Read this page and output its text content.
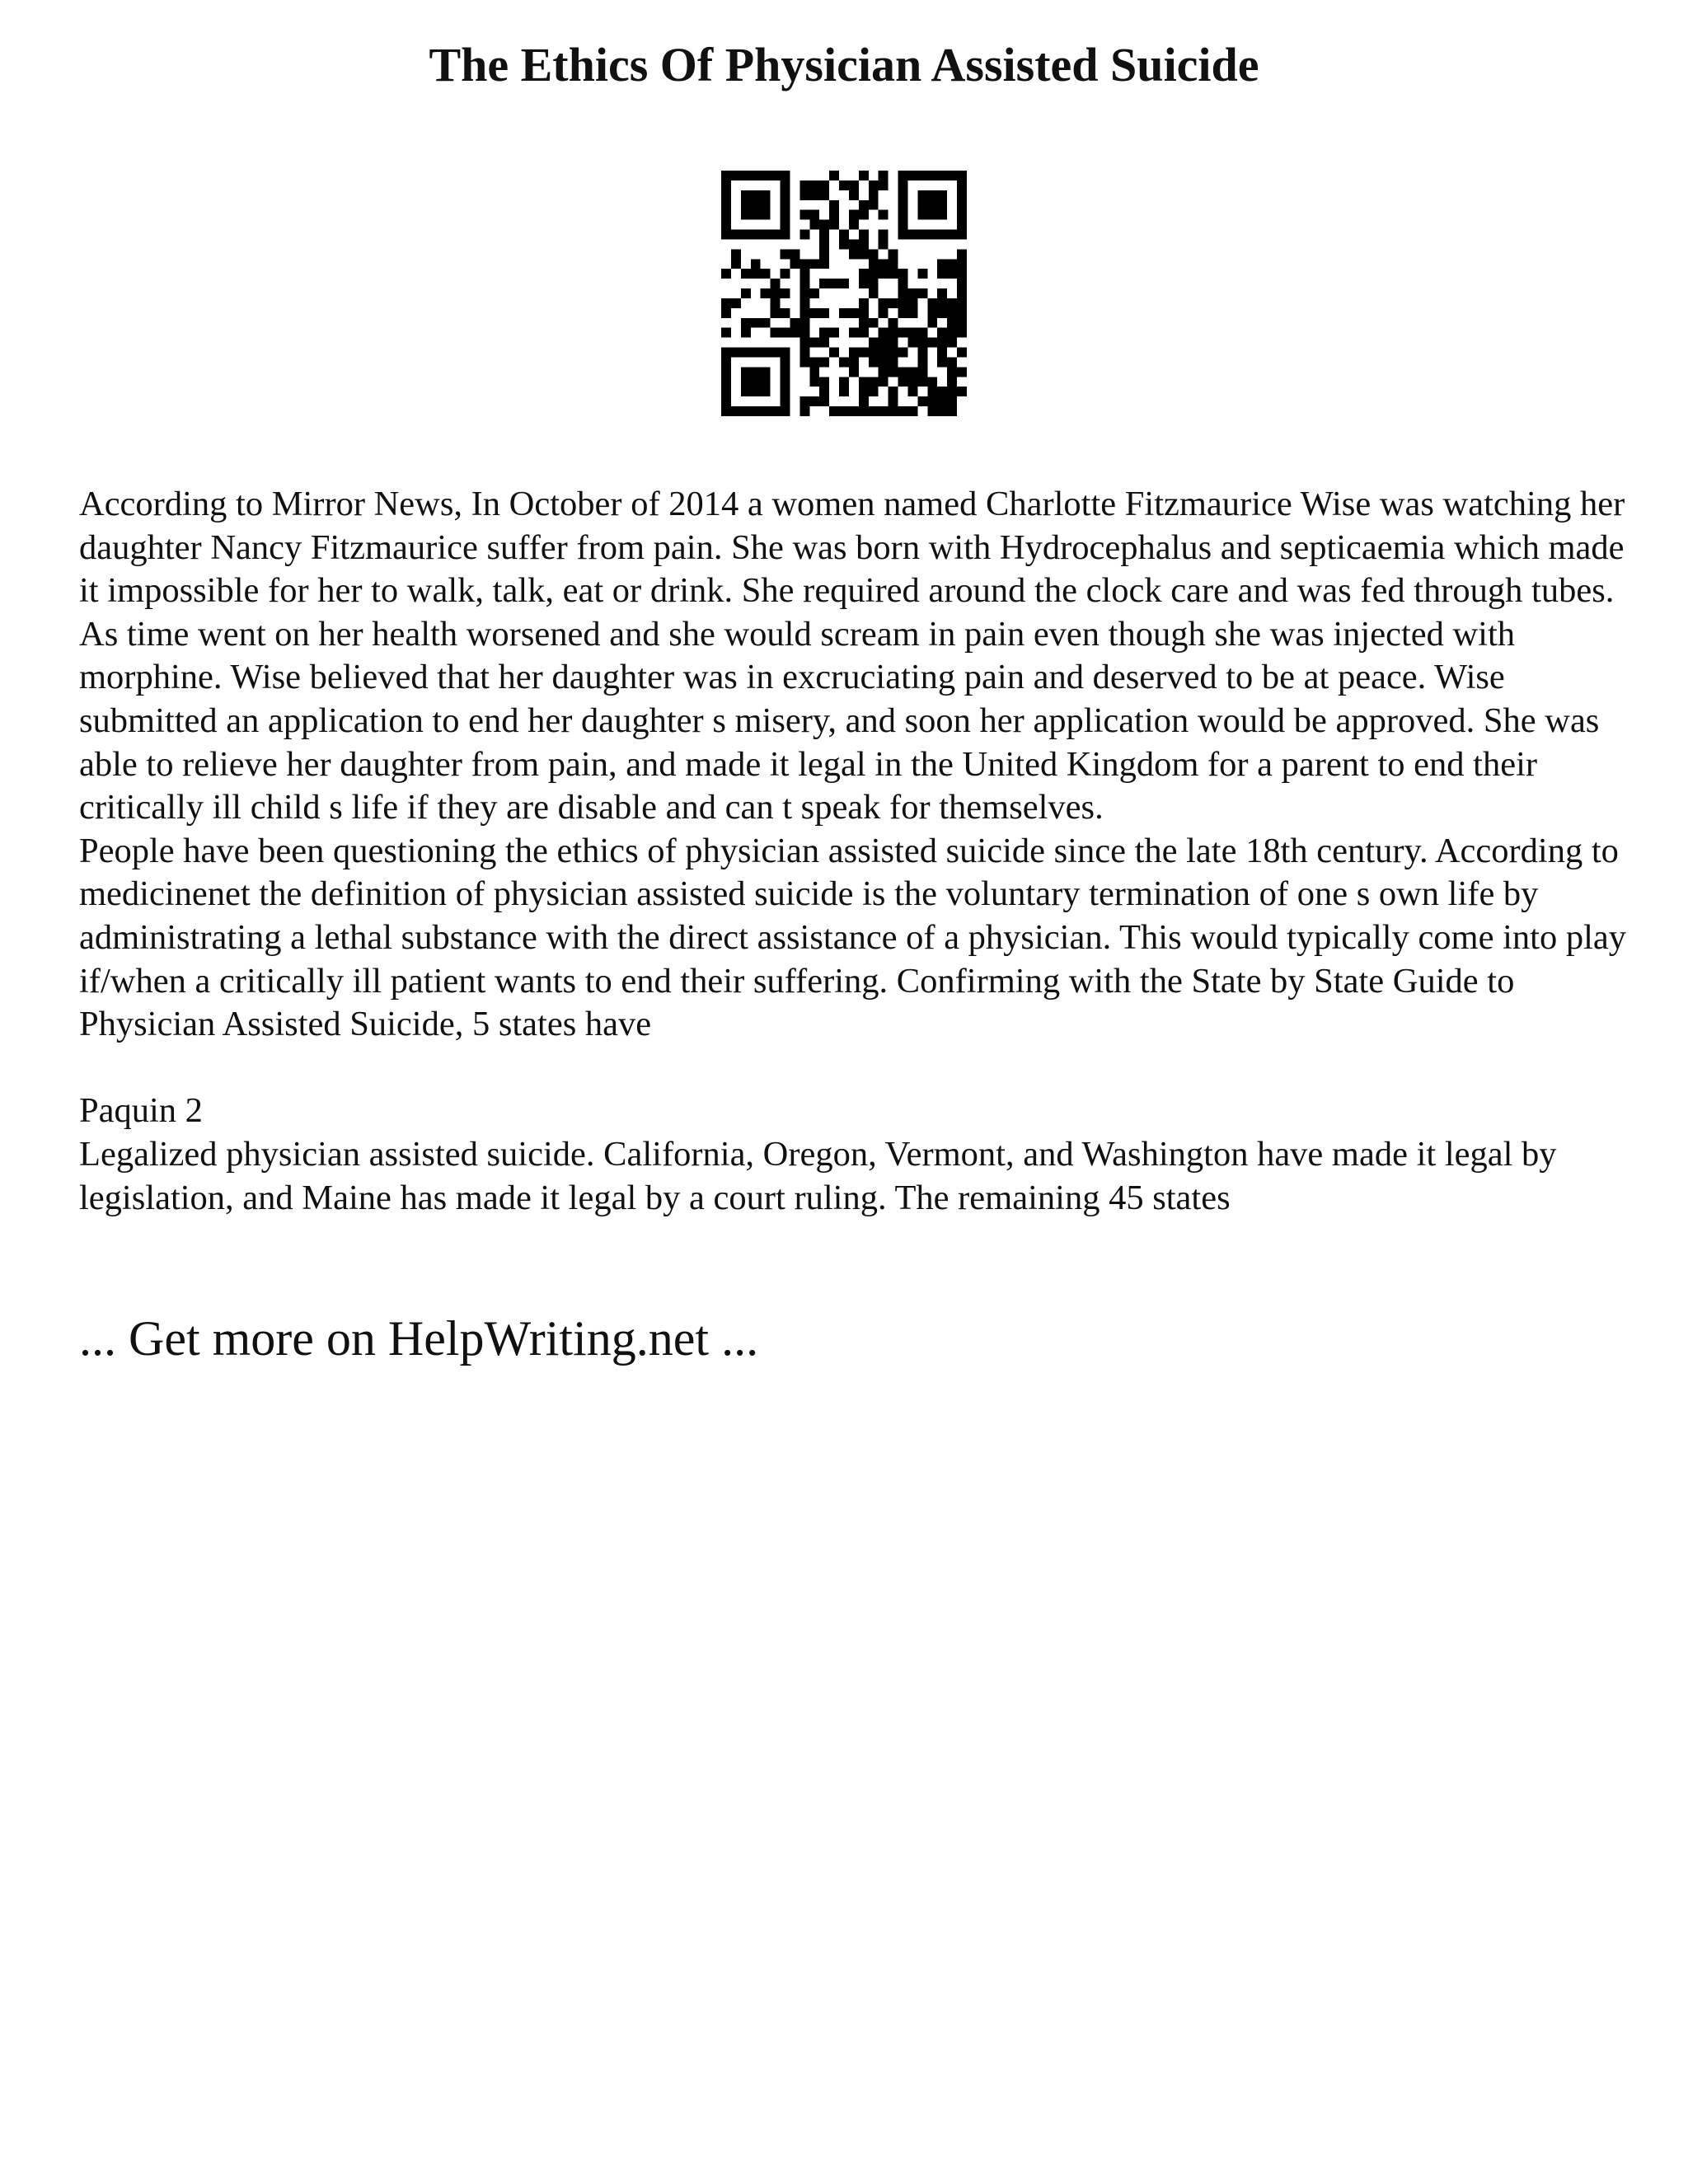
The Ethics Of Physician Assisted Suicide

According to Mirror News, In October of 2014 a women named Charlotte Fitzmaurice Wise was watching her daughter Nancy Fitzmaurice suffer from pain. She was born with Hydrocephalus and septicaemia which made it impossible for her to walk, talk, eat or drink. She required around the clock care and was fed through tubes. As time went on her health worsened and she would scream in pain even though she was injected with morphine. Wise believed that her daughter was in excruciating pain and deserved to be at peace. Wise submitted an application to end her daughter s misery, and soon her application would be approved. She was able to relieve her daughter from pain, and made it legal in the United Kingdom for a parent to end their critically ill child s life if they are disable and can t speak for themselves.

People have been questioning the ethics of physician assisted suicide since the late 18th century. According to medicinenet the definition of physician assisted suicide is the voluntary termination of one s own life by administrating a lethal substance with the direct assistance of a physician. This would typically come into play if/when a critically ill patient wants to end their suffering. Confirming with the State by State Guide to Physician Assisted Suicide, 5 states have

Paquin 2

Legalized physician assisted suicide. California, Oregon, Vermont, and Washington have made it legal by legislation, and Maine has made it legal by a court ruling. The remaining 45 states

... Get more on HelpWriting.net ...
